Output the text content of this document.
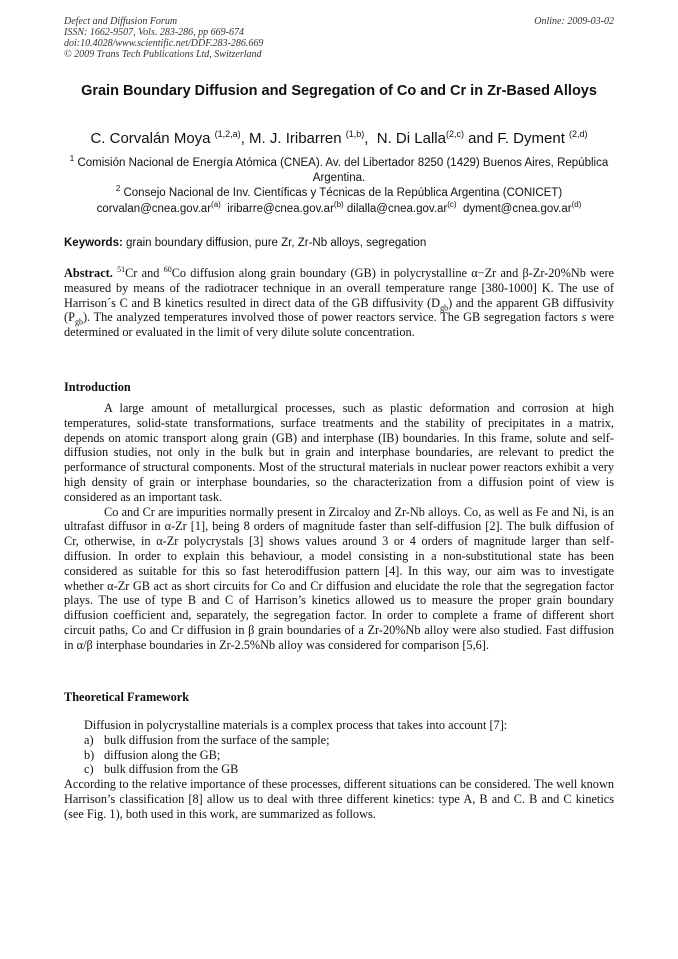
Defect and Diffusion Forum
ISSN: 1662-9507, Vols. 283-286, pp 669-674
doi:10.4028/www.scientific.net/DDF.283-286.669
© 2009 Trans Tech Publications Ltd, Switzerland
Online: 2009-03-02
Grain Boundary Diffusion and Segregation of Co and Cr in Zr-Based Alloys
C. Corvalán Moya $^{(1,2,a)}$, M. J. Iribarren $^{(1,b)}$, N. Di Lalla$^{(2,c)}$ and F. Dyment $^{(2,d)}$
$^1$ Comisión Nacional de Energía Atómica (CNEA). Av. del Libertador 8250 (1429) Buenos Aires, República Argentina.
$^2$ Consejo Nacional de Inv. Científicas y Técnicas de la República Argentina (CONICET)
$corvalan@cnea.gov.ar^{(a)}$ $iribarre@cnea.gov.ar^{(b)}$ $dilalla@cnea.gov.ar^{(c)}$ $dyment@cnea.gov.ar^{(d)}$
Keywords: grain boundary diffusion, pure Zr, Zr-Nb alloys, segregation
Abstract. $^{51}$Cr and $^{60}$Co diffusion along grain boundary (GB) in polycrystalline α−Zr and β-Zr-20%Nb were measured by means of the radiotracer technique in an overall temperature range [380-1000] K. The use of Harrison´s C and B kinetics resulted in direct data of the GB diffusivity $(D_{gb})$ and the apparent GB diffusivity $(P_{gb})$. The analyzed temperatures involved those of power reactors service. The GB segregation factors s were determined or evaluated in the limit of very dilute solute concentration.
Introduction

A large amount of metallurgical processes, such as plastic deformation and corrosion at high temperatures, solid-state transformations, surface treatments and the stability of precipitates in a matrix, depends on atomic transport along grain (GB) and interphase (IB) boundaries. In this frame, solute and self-diffusion studies, not only in the bulk but in grain and interphase boundaries, are relevant to predict the performance of structural components. Most of the structural materials in nuclear power reactors exhibit a very high density of grain or interphase boundaries, so the characterization from a diffusion point of view is considered as an important task.

Co and Cr are impurities normally present in Zircaloy and Zr-Nb alloys. Co, as well as Fe and Ni, is an ultrafast diffusor in α-Zr [1], being 8 orders of magnitude faster than self-diffusion [2]. The bulk diffusion of Cr, otherwise, in α-Zr polycrystals [3] shows values around 3 or 4 orders of magnitude larger than self-diffusion. In order to explain this behaviour, a model consisting in a non-substitutional state has been considered as suitable for this so fast heterodiffusion pattern [4]. In this way, our aim was to investigate whether α-Zr GB act as short circuits for Co and Cr diffusion and elucidate the role that the segregation factor plays. The use of type B and C of Harrison’s kinetics allowed us to measure the proper grain boundary diffusion coefficient and, separately, the segregation factor. In order to complete a frame of different short circuit paths, Co and Cr diffusion in β grain boundaries of a Zr-20%Nb alloy were also studied. Fast diffusion in α/β interphase boundaries in Zr-2.5%Nb alloy was considered for comparison [5,6].

Theoretical Framework

Diffusion in polycrystalline materials is a complex process that takes into account [7]:

a) bulk diffusion from the surface of the sample;
b) diffusion along the GB;
c) bulk diffusion from the GB

According to the relative importance of these processes, different situations can be considered. The well known Harrison’s classification [8] allow us to deal with three different kinetics: type A, B and C. B and C kinetics (see Fig. 1), both used in this work, are summarized as follows.
